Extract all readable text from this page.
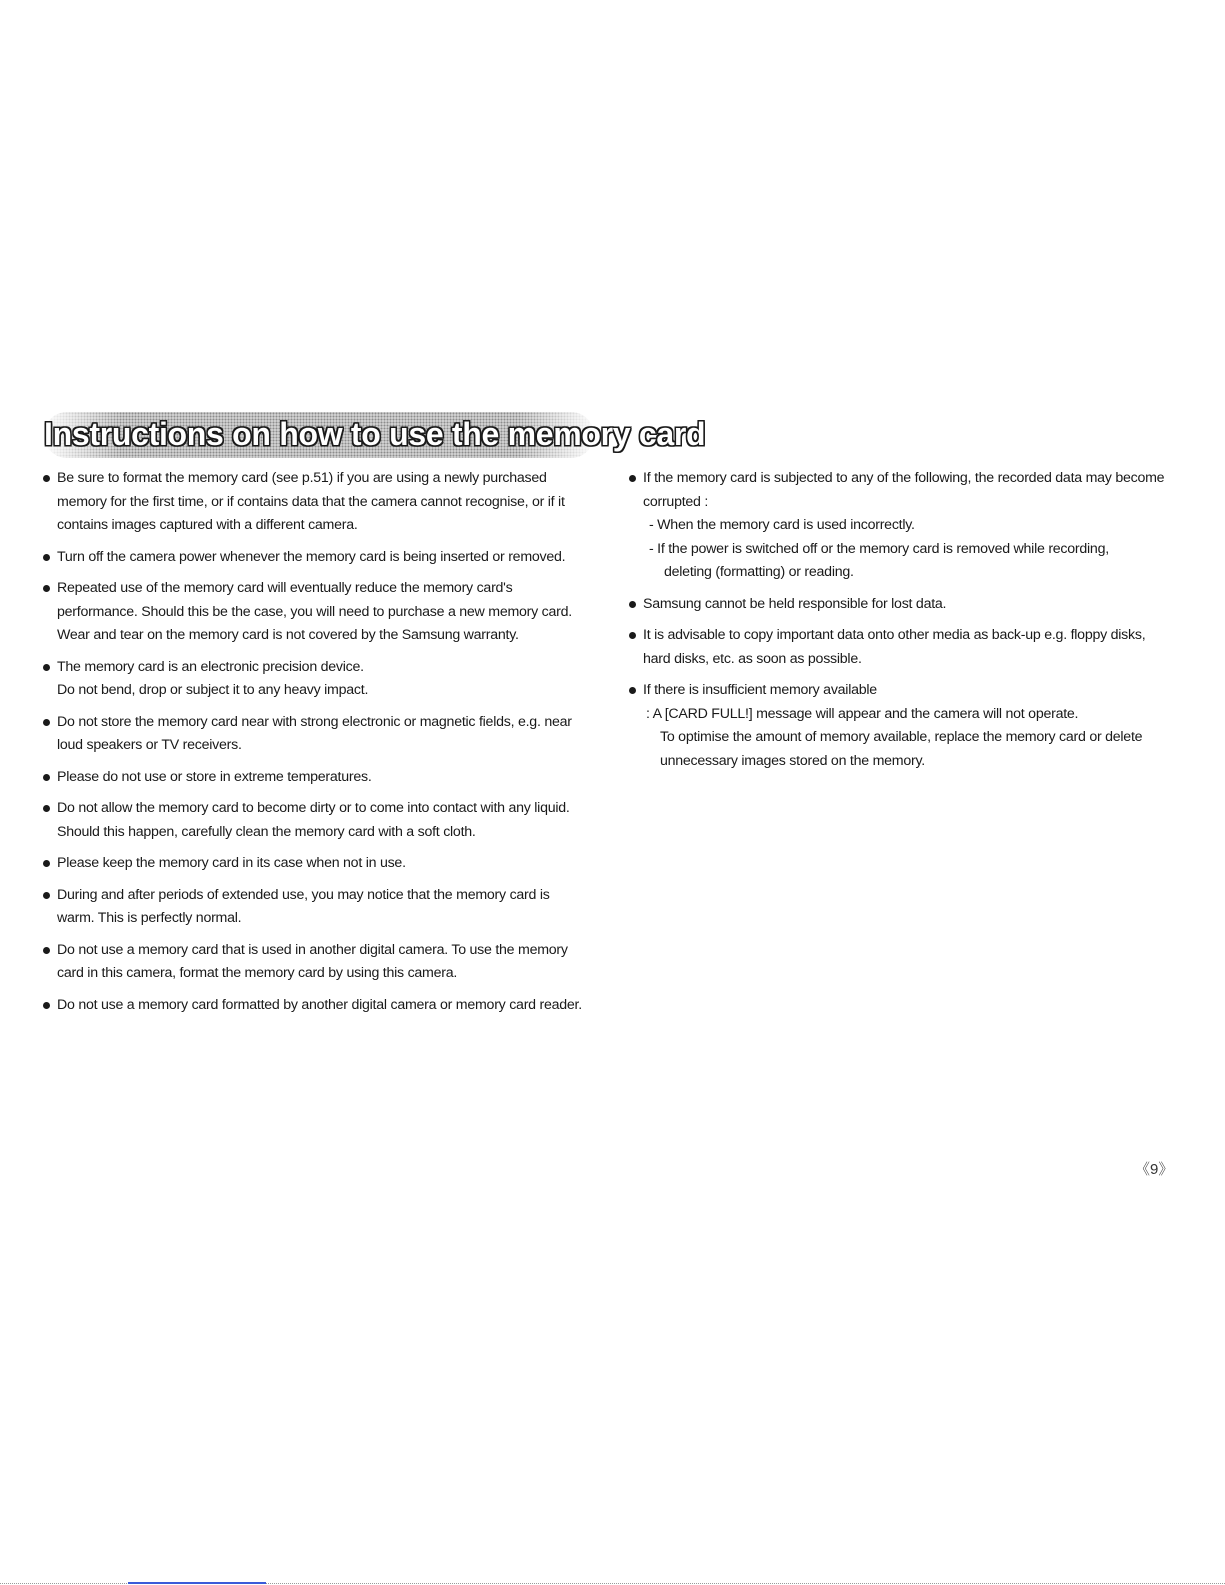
Instructions on how to use the memory card
Be sure to format the memory card (see p.51) if you are using a newly purchased memory for the first time, or if contains data that the camera cannot recognise, or if it contains images captured with a different camera.
Turn off the camera power whenever the memory card is being inserted or removed.
Repeated use of the memory card will eventually reduce the memory card's performance. Should this be the case, you will need to purchase a new memory card. Wear and tear on the memory card is not covered by the Samsung warranty.
The memory card is an electronic precision device.
Do not bend, drop or subject it to any heavy impact.
Do not store the memory card near with strong electronic or magnetic fields, e.g. near loud speakers or TV receivers.
Please do not use or store in extreme temperatures.
Do not allow the memory card to become dirty or to come into contact with any liquid. Should this happen, carefully clean the memory card with a soft cloth.
Please keep the memory card in its case when not in use.
During and after periods of extended use, you may notice that the memory card is warm. This is perfectly normal.
Do not use a memory card that is used in another digital camera. To use the memory card in this camera, format the memory card by using this camera.
Do not use a memory card formatted by another digital camera or memory card reader.
If the memory card is subjected to any of the following, the recorded data may become corrupted :
- When the memory card is used incorrectly.
- If the power is switched off or the memory card is removed while recording,
deleting (formatting) or reading.
Samsung cannot be held responsible for lost data.
It is advisable to copy important data onto other media as back-up e.g. floppy disks, hard disks, etc. as soon as possible.
If there is insufficient memory available
: A [CARD FULL!] message will appear and the camera will not operate.
To optimise the amount of memory available, replace the memory card or delete unnecessary images stored on the memory.
《9》
